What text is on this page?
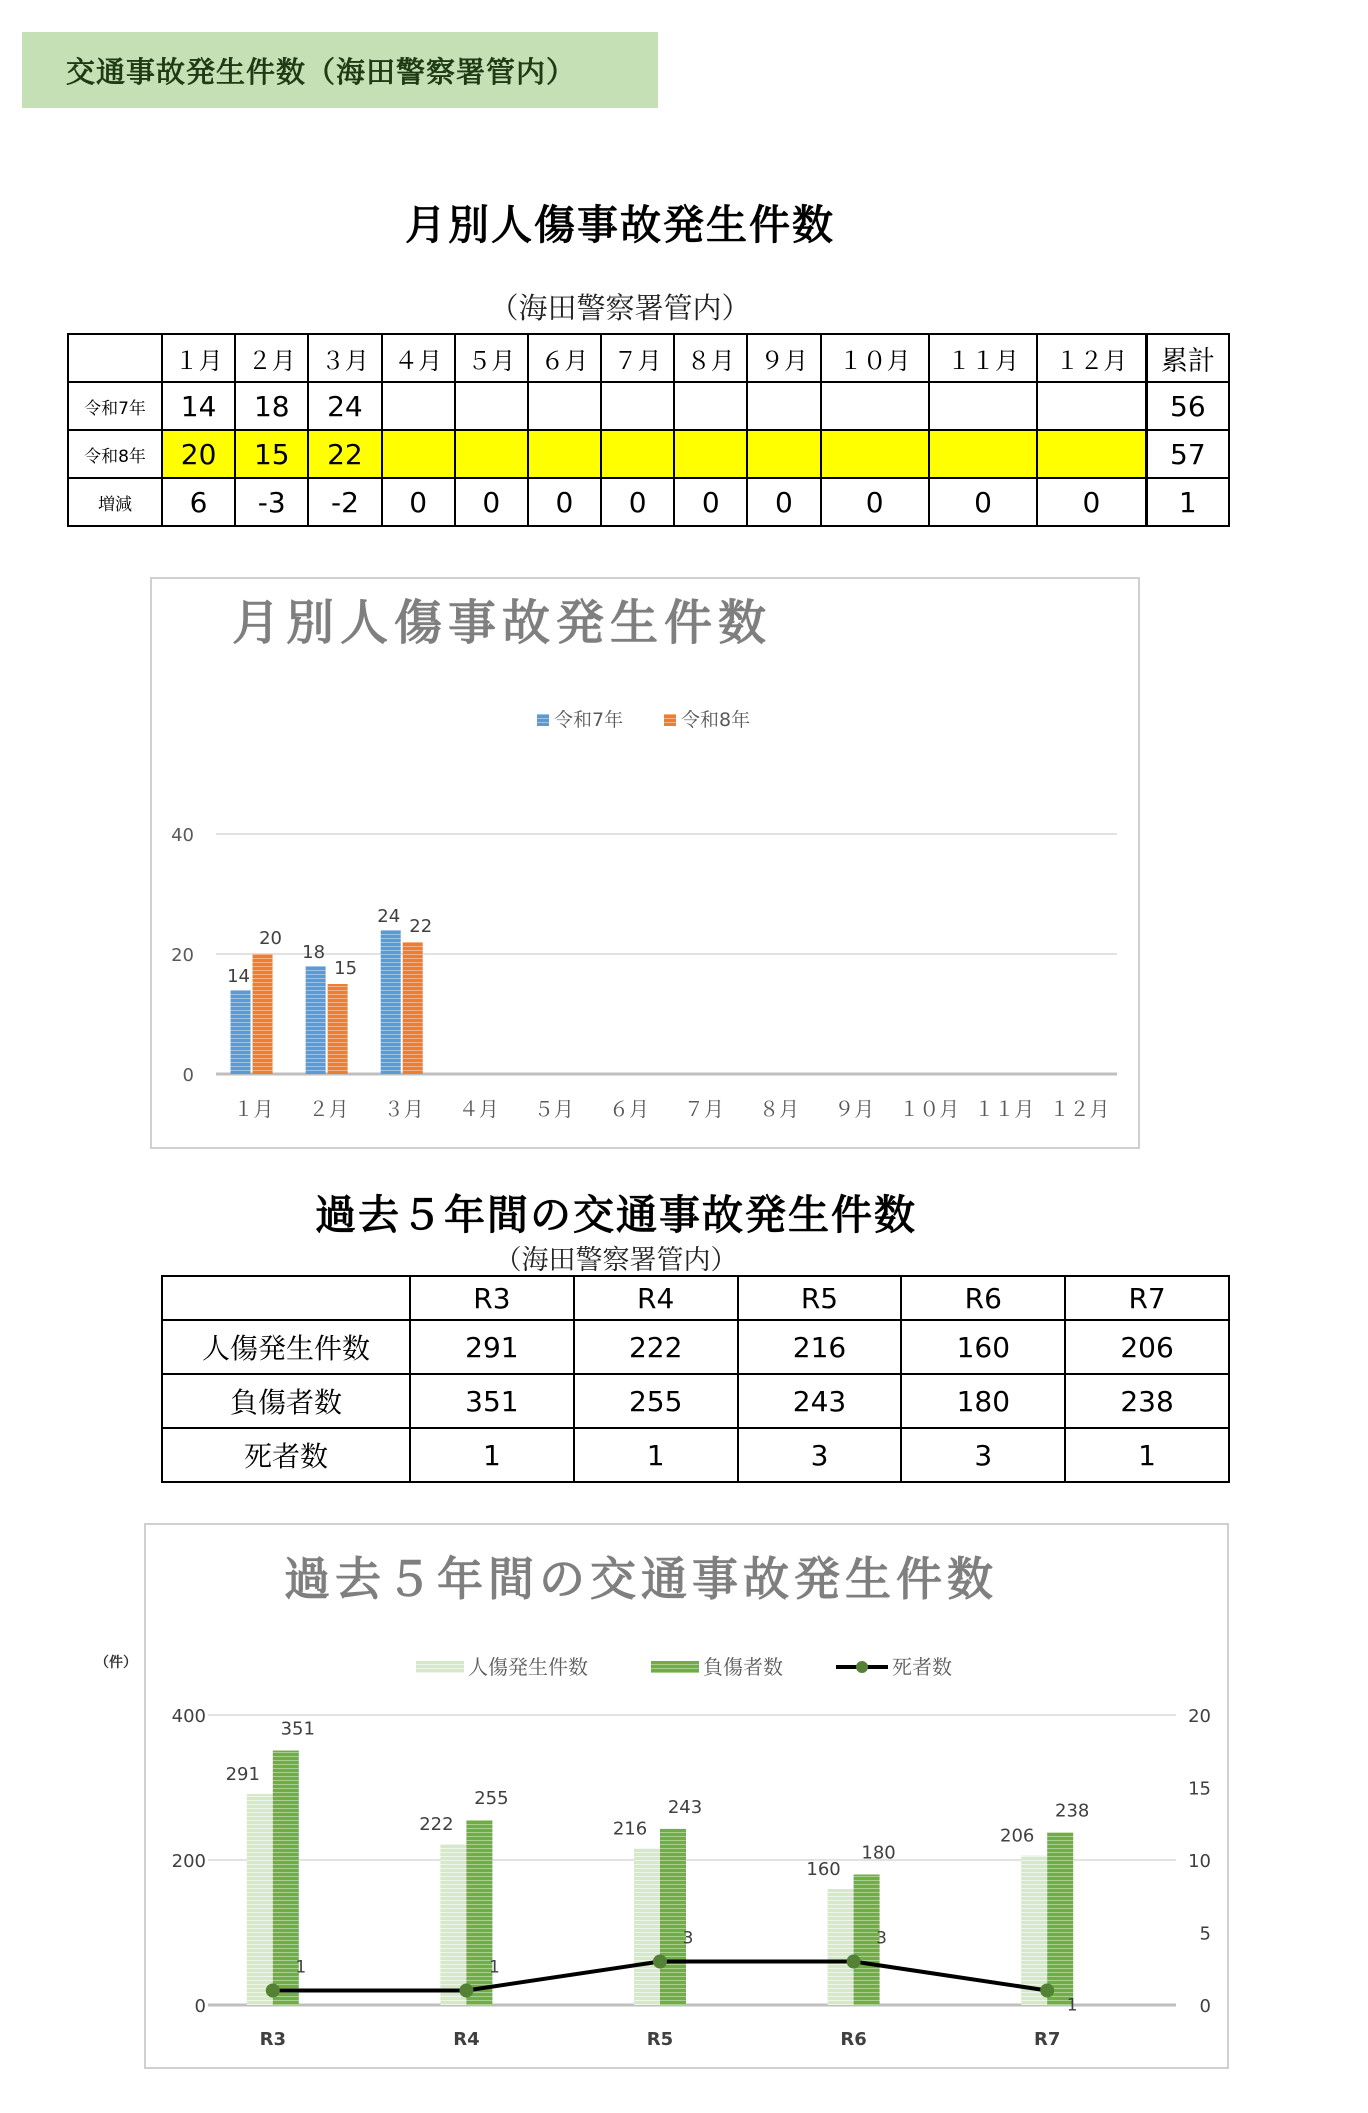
交通事故発生件数（海田警察署管内）
月別人傷事故発生件数
（海田警察署管内）
	１月	２月	３月	４月	５月	６月	７月	８月	９月	１０月	１１月	１２月	累計
令和7年	14	18	24										56
令和8年	20	15	22										57
増減	6	-3	-2	0	0	0	0	0	0	0	0	0	1
月別人傷事故発生件数
令和7年	令和8年
0
20
40
１月
14
20
２月
18
15
３月
24 22
４月 ５月 ６月 ７月 ８月 ９月 １０月 １１月 １２月
過去５年間の交通事故発生件数
（海田警察署管内）
	R3	R4	R5	R6	R7
人傷発生件数	291	222	216	160	206
負傷者数	351	255	243	180	238
死者数	1	1	3	3	1
（件）
過去５年間の交通事故発生件数
人傷発生件数	負傷者数	死者数
0
200
400
0
5
10
15
20
R3
291
351
R4
222
255
R5
216
243
R6
160
180
R7
206
238
1	1
3	3
1
